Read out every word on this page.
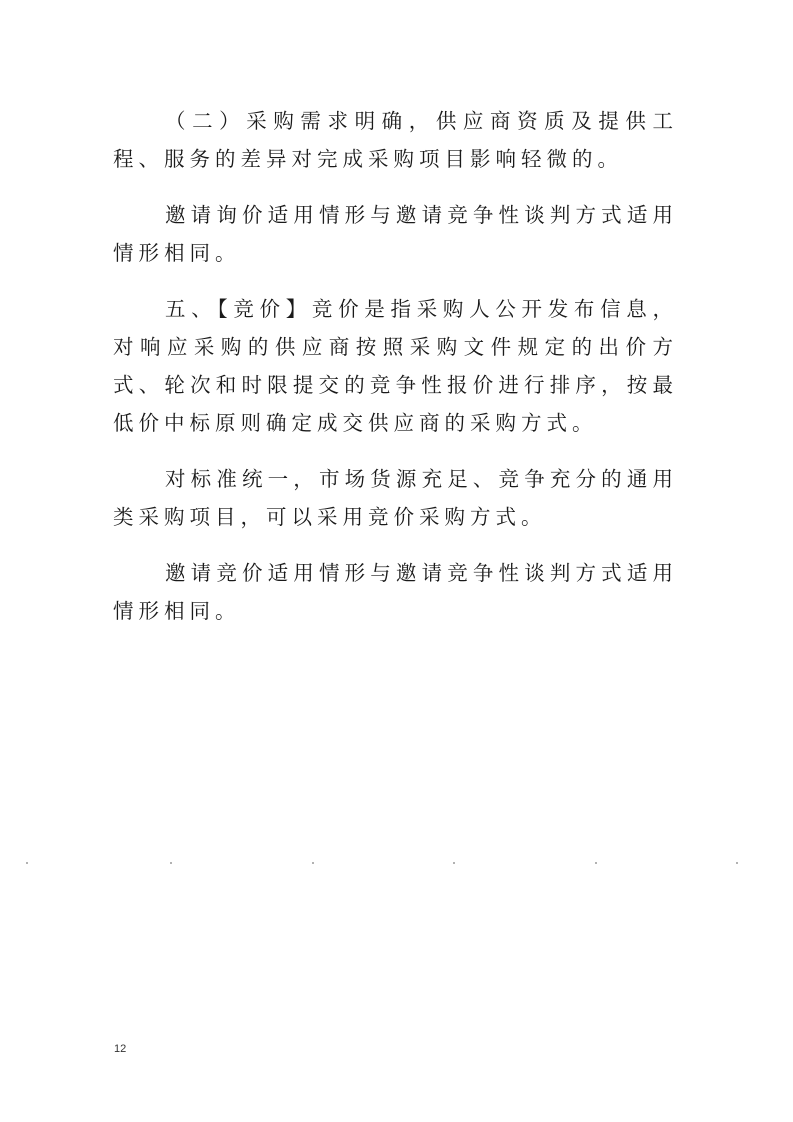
（二）采购需求明确，供应商资质及提供工程、服务的差异对完成采购项目影响轻微的。

邀请询价适用情形与邀请竞争性谈判方式适用情形相同。

五、【竞价】竞价是指采购人公开发布信息，对响应采购的供应商按照采购文件规定的出价方式、轮次和时限提交的竞争性报价进行排序，按最低价中标原则确定成交供应商的采购方式。

对标准统一，市场货源充足、竞争充分的通用类采购项目，可以采用竞价采购方式。

邀请竞价适用情形与邀请竞争性谈判方式适用情形相同。

12
